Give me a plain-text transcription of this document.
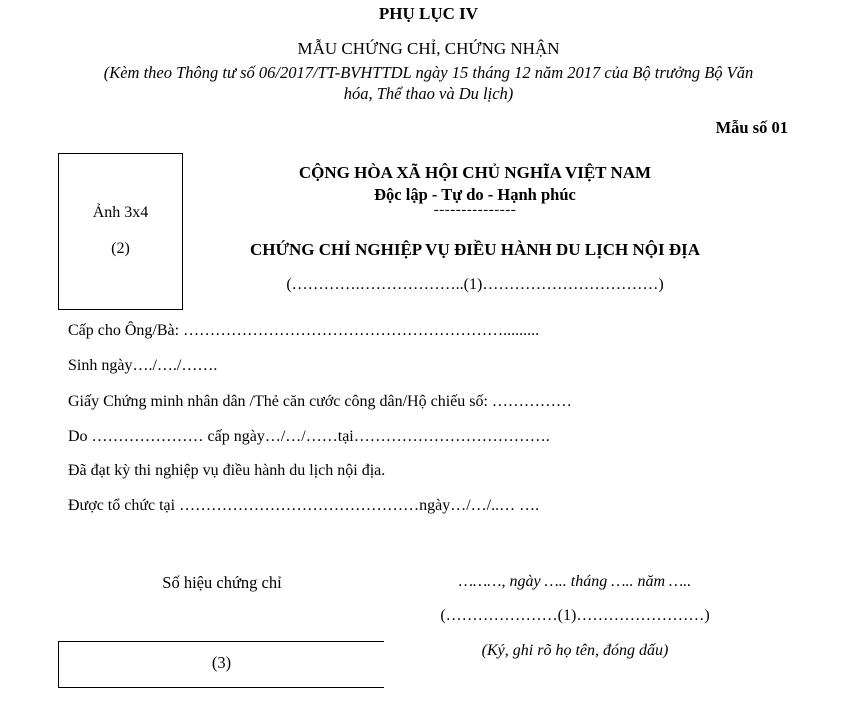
PHỤ LỤC IV
MẪU CHỨNG CHỈ, CHỨNG NHẬN
(Kèm theo Thông tư số 06/2017/TT-BVHTTDL ngày 15 tháng 12 năm 2017 của Bộ trưởng Bộ Văn
hóa, Thể thao và Du lịch)
Mẫu số 01
Ảnh 3x4
(2)
CỘNG HÒA XÃ HỘI CHỦ NGHĨA VIỆT NAM
Độc lập - Tự do - Hạnh phúc
---------------
CHỨNG CHỈ NGHIỆP VỤ ĐIỀU HÀNH DU LỊCH NỘI ĐỊA
(………….………………..(1)……………………………)
Cấp cho Ông/Bà: …………………………………………………….........
Sinh ngày…./…./…….
Giấy Chứng minh nhân dân /Thẻ căn cước công dân/Hộ chiếu số: ……………
Do ………………… cấp ngày…/…/……tại……………………………….
Đã đạt kỳ thi nghiệp vụ điều hành du lịch nội địa.
Được tổ chức tại ………………………………………ngày…/…/..… ….
Số hiệu chứng chỉ
(3)
………, ngày ….. tháng ….. năm …..
(…………………(1)……………………)
(Ký, ghi rõ họ tên, đóng dấu)
